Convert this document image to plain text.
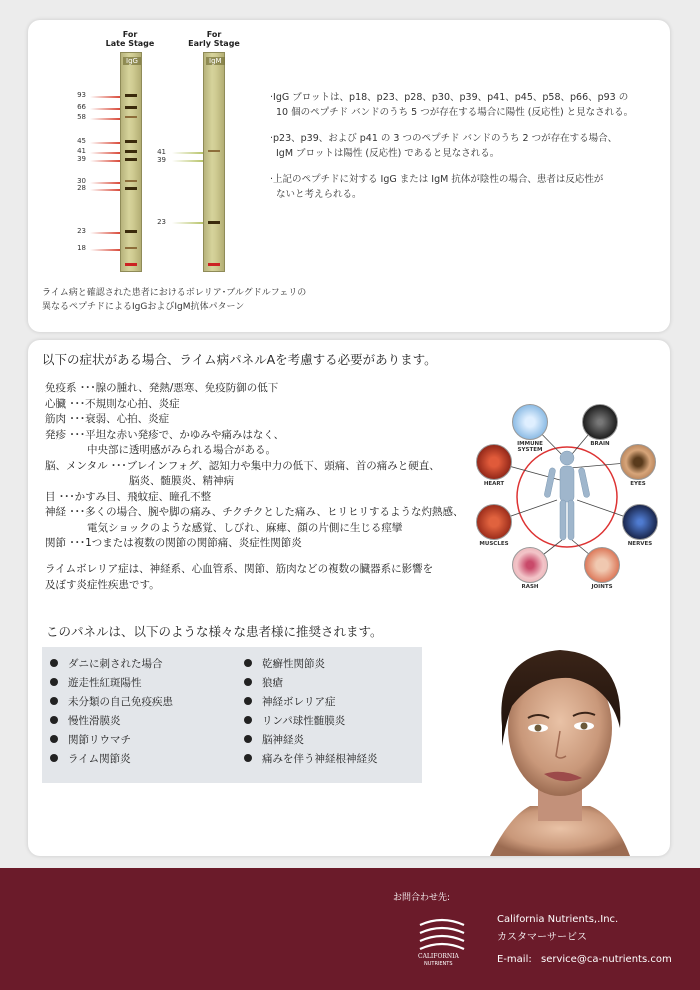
For
Late Stage
IgG
93
66
58
45
41
39
30
28
23
18
For
Early Stage
IgM
41
39
23
·IgG ブロットは、p18、p23、p28、p30、p39、p41、p45、p58、p66、p93 の
10 個のペプチド バンドのうち 5 つが存在する場合に陽性 (反応性) と見なされる。
·p23、p39、および p41 の 3 つのペプチド バンドのうち 2 つが存在する場合、
IgM ブロットは陽性 (反応性) であると見なされる。
·上記のペプチドに対する IgG または IgM 抗体が陰性の場合、患者は反応性が
ないと考えられる。
ライム病と確認された患者におけるボレリア･ブルグドルフェリの
異なるペプチドによるIgGおよびIgM抗体パターン
以下の症状がある場合、ライム病パネルAを考慮する必要があります。
免疫系 ･･･腺の腫れ、発熱/悪寒、免疫防御の低下
心臓 ･･･不規則な心拍、炎症
筋肉 ･･･衰弱、心拍、炎症
発疹 ･･･平坦な赤い発疹で、かゆみや痛みはなく、
　　　　中央部に透明感がみられる場合がある。
脳、メンタル ･･･ブレインフォグ、認知力や集中力の低下、頭痛、首の痛みと硬直、
　　　　　　　　脳炎、髄膜炎、精神病
目 ･･･かすみ目、飛蚊症、瞳孔不整
神経 ･･･多くの場合、腕や脚の痛み、チクチクとした痛み、ヒリヒリするような灼熱感、
　　　　電気ショックのような感覚、しびれ、麻痺、顔の片側に生じる痙攣
関節 ･･･1つまたは複数の関節の関節痛、炎症性関節炎
ライムボレリア症は、神経系、心血管系、関節、筋肉などの複数の臓器系に影響を
及ぼす炎症性疾患です。
IMMUNE SYSTEM
BRAIN
HEART	EYES
MUSCLES	NERVES
RASH	JOINTS
このパネルは、以下のような様々な患者様に推奨されます。
ダニに刺された場合
遊走性紅斑陽性
未分類の自己免疫疾患
慢性滑膜炎
関節リウマチ
ライム関節炎
乾癬性関節炎
狼瘡
神経ボレリア症
リンパ球性髄膜炎
脳神経炎
痛みを伴う神経根神経炎
お問合わせ先:
CALIFORNIA
NUTRIENTS
California Nutrients,.Inc.
カスタマーサービス
E-mail: service@ca-nutrients.com
